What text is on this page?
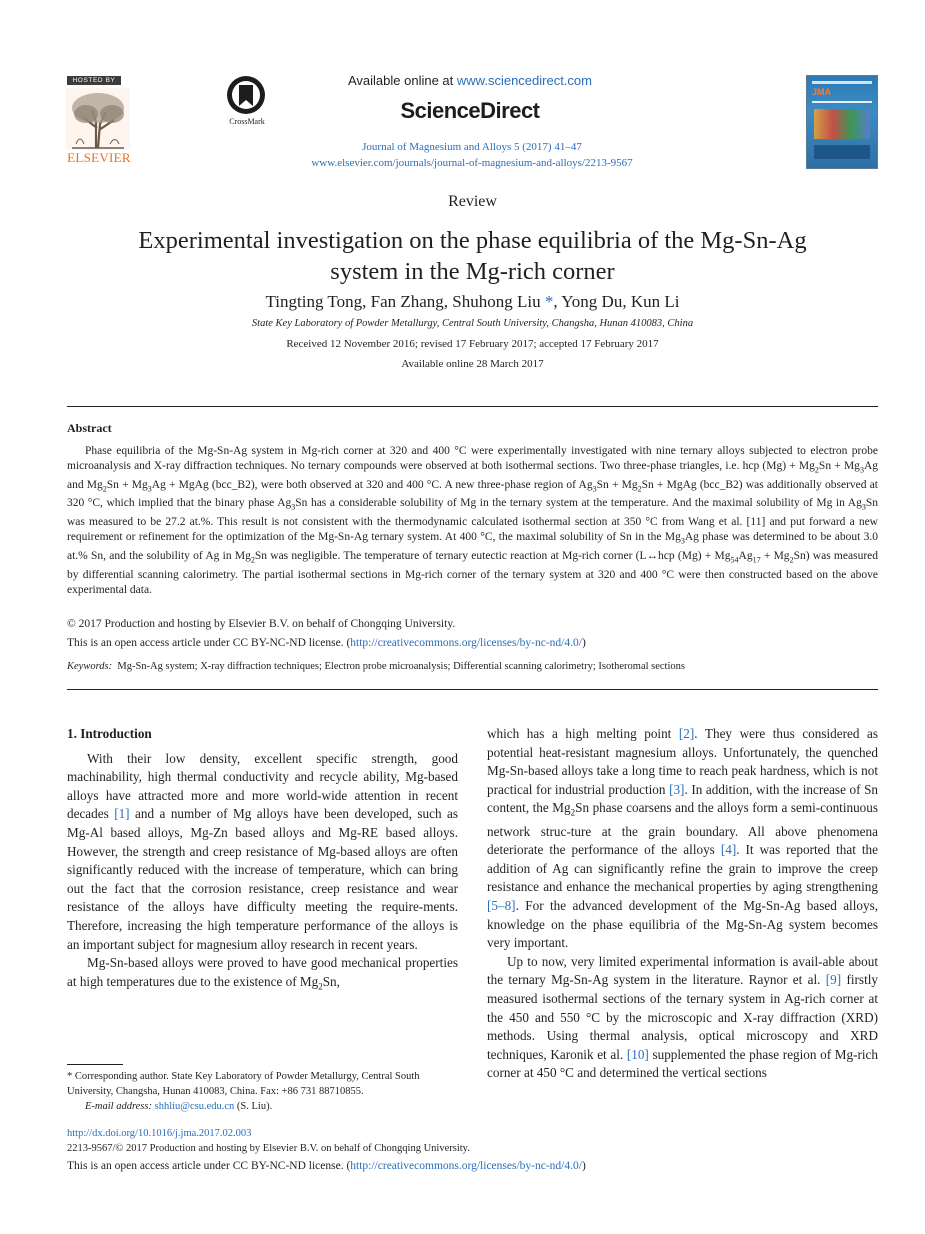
HOSTED BY
ELSEVIER
CrossMark
Available online at www.sciencedirect.com
ScienceDirect
Journal of Magnesium and Alloys 5 (2017) 41–47
www.elsevier.com/journals/journal-of-magnesium-and-alloys/2213-9567
JMA
Review
Experimental investigation on the phase equilibria of the Mg-Sn-Ag
system in the Mg-rich corner
Tingting Tong, Fan Zhang, Shuhong Liu *, Yong Du, Kun Li
State Key Laboratory of Powder Metallurgy, Central South University, Changsha, Hunan 410083, China
Received 12 November 2016; revised 17 February 2017; accepted 17 February 2017
Available online 28 March 2017
Abstract

Phase equilibria of the Mg-Sn-Ag system in Mg-rich corner at 320 and 400 °C were experimentally investigated with nine ternary alloys subjected to electron probe microanalysis and X-ray diffraction techniques. No ternary compounds were observed at both isothermal sections. Two three-phase triangles, i.e. hcp $(Mg) + Mg_2Sn + Mg_3Ag$ and $Mg_2Sn + Mg_3Ag$ + MgAg (bcc_B2), were both observed at 320 and 400 °C. A new three-phase region of $Ag_3Sn + Mg_2Sn$ + MgAg (bcc_B2) was additionally observed at 320 °C, which implied that the binary phase $Ag_3Sn$ has a considerable solubility of Mg in the ternary system at the temperature. And the maximal solubility of Mg in $Ag_3Sn$ was measured to be 27.2 at.%. This result is not consistent with the thermodynamic calculated isothermal section at 350 °C from Wang et al. [11] and put forward a new requirement or refinement for the optimization of the Mg-Sn-Ag ternary system. At 400 °C, the maximal solubility of Sn in the $Mg_3Ag$ phase was determined to be about 3.0 at.% Sn, and the solubility of Ag in $Mg_2Sn$ was negligible. The temperature of ternary eutectic reaction at Mg-rich corner (L↔hcp $(Mg) + Mg_{54}Ag_{17} + Mg_2Sn$) was measured by differential scanning calorimetry. The partial isothermal sections in Mg-rich corner of the ternary system at 320 and 400 °C were then constructed based on the above experimental data.

© 2017 Production and hosting by Elsevier B.V. on behalf of Chongqing University.
This is an open access article under CC BY-NC-ND license. (http://creativecommons.org/licenses/by-nc-nd/4.0/)
Keywords: Mg-Sn-Ag system; X-ray diffraction techniques; Electron probe microanalysis; Differential scanning calorimetry; Isotheromal sections
1. Introduction

With their low density, excellent specific strength, good machinability, high thermal conductivity and recycle ability, Mg-based alloys have attracted more and more world-wide attention in recent decades [1] and a number of Mg alloys have been developed, such as Mg-Al based alloys, Mg-Zn based alloys and Mg-RE based alloys. However, the strength and creep resistance of Mg-based alloys are often significantly reduced with the increase of temperature, which can bring out the fact that the corrosion resistance, creep resistance and wear resistance of the alloys have difficulty meeting the require-ments. Therefore, increasing the high temperature performance of the alloys is an important subject for magnesium alloy research in recent years.

Mg-Sn-based alloys were proved to have good mechanical properties at high temperatures due to the existence of $Mg_2Sn$,

which has a high melting point [2]. They were thus considered as potential heat-resistant magnesium alloys. Unfortunately, the quenched Mg-Sn-based alloys take a long time to reach peak hardness, which is not practical for industrial production [3]. In addition, with the increase of Sn content, the $Mg_2Sn$ phase coarsens and the alloys form a semi-continuous network struc-ture at the grain boundary. All above phenomena deteriorate the performance of the alloys [4]. It was reported that the addition of Ag can significantly refine the grain to improve the creep resistance and enhance the mechanical properties by aging strengthening [5–8]. For the advanced development of the Mg-Sn-Ag based alloys, knowledge on the phase equilibria of the Mg-Sn-Ag system becomes very important.

Up to now, very limited experimental information is avail-able about the ternary Mg-Sn-Ag system in the literature. Raynor et al. [9] firstly measured isothermal sections of the ternary system in Ag-rich corner at the 450 and 550 °C by the microscopic and X-ray diffraction (XRD) methods. Using thermal analysis, optical microscopy and XRD techniques, Karonik et al. [10] supplemented the phase region of Mg-rich corner at 450 °C and determined the vertical sections

* Corresponding author. State Key Laboratory of Powder Metallurgy, Central South University, Changsha, Hunan 410083, China. Fax: +86 731 88710855.

E-mail address: shhliu@csu.edu.cn (S. Liu).

http://dx.doi.org/10.1016/j.jma.2017.02.003
2213-9567/© 2017 Production and hosting by Elsevier B.V. on behalf of Chongqing University.
This is an open access article under CC BY-NC-ND license. (http://creativecommons.org/licenses/by-nc-nd/4.0/)
